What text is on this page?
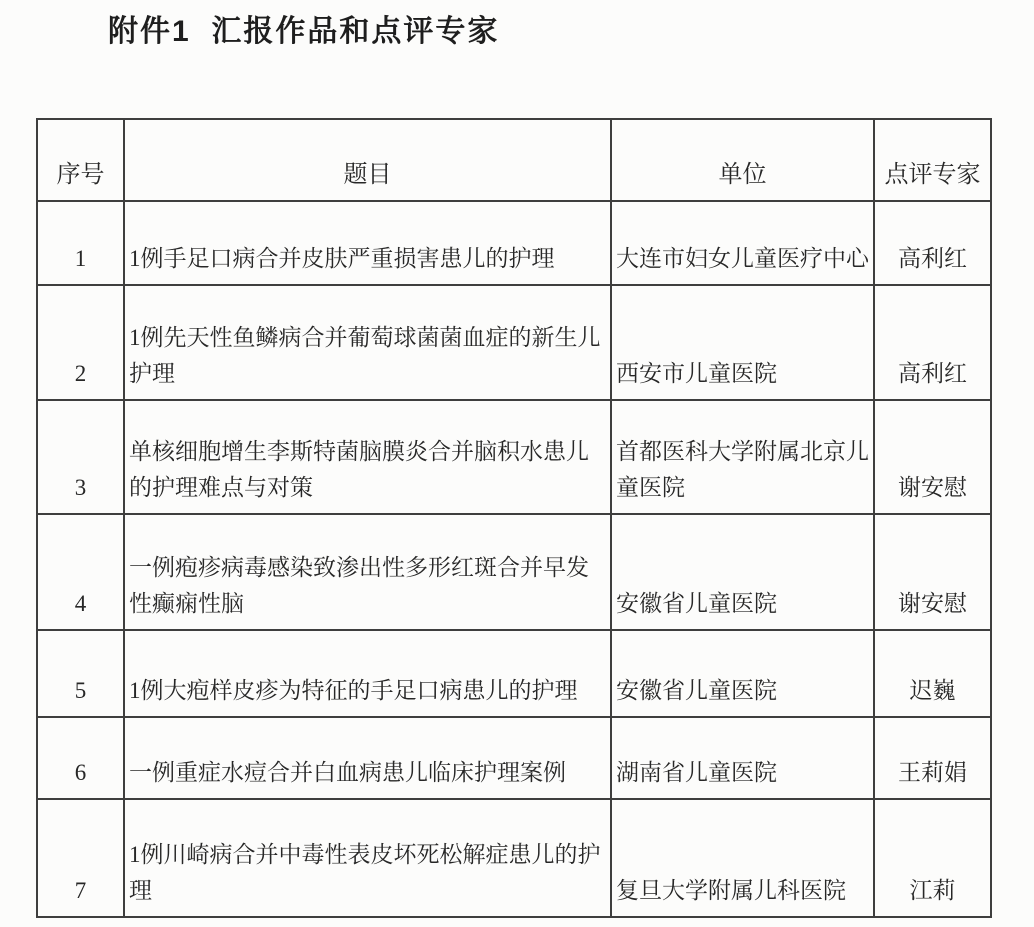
附件1  汇报作品和点评专家
序号	题目	单位	点评专家
1	1例手足口病合并皮肤严重损害患儿的护理	大连市妇女儿童医疗中心	高利红
2	1例先天性鱼鳞病合并葡萄球菌菌血症的新生儿护理	西安市儿童医院	高利红
3	单核细胞增生李斯特菌脑膜炎合并脑积水患儿的护理难点与对策	首都医科大学附属北京儿童医院	谢安慰
4	一例疱疹病毒感染致渗出性多形红斑合并早发性癫痫性脑	安徽省儿童医院	谢安慰
5	1例大疱样皮疹为特征的手足口病患儿的护理	安徽省儿童医院	迟巍
6	一例重症水痘合并白血病患儿临床护理案例	湖南省儿童医院	王莉娟
7	1例川崎病合并中毒性表皮坏死松解症患儿的护理	复旦大学附属儿科医院	江莉
